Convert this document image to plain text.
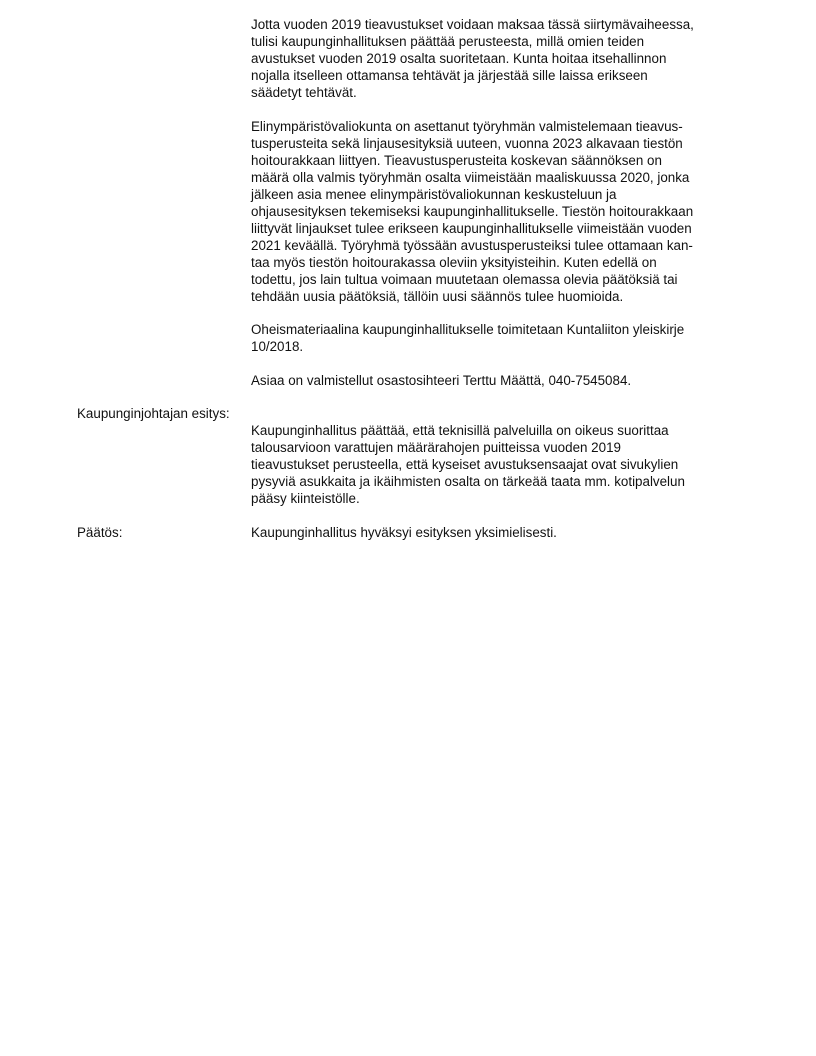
Jotta vuoden 2019 tieavustukset voidaan maksaa tässä siirtymävaiheessa,
tulisi kaupunginhallituksen päättää perusteesta, millä omien teiden
avustukset vuoden 2019 osalta suoritetaan. Kunta hoitaa itsehallinnon
nojalla itselleen ottamansa tehtävät ja järjestää sille laissa erikseen
säädetyt tehtävät.
Elinympäristövaliokunta on asettanut työryhmän valmistelemaan tieavus-
tusperusteita sekä linjausesityksiä uuteen, vuonna 2023 alkavaan tiestön
hoitourakkaan liittyen. Tieavustusperusteita koskevan säännöksen on
määrä olla valmis työryhmän osalta viimeistään maaliskuussa 2020, jonka
jälkeen asia menee elinympäristövaliokunnan keskusteluun ja
ohjausesityksen tekemiseksi kaupunginhallitukselle. Tiestön hoitourakkaan
liittyvät linjaukset tulee erikseen kaupunginhallitukselle viimeistään vuoden
2021 keväällä. Työryhmä työssään avustusperusteiksi tulee ottamaan kan-
taa myös tiestön hoitourakassa oleviin yksityisteihin. Kuten edellä on
todettu, jos lain tultua voimaan muutetaan olemassa olevia päätöksiä tai
tehdään uusia päätöksiä, tällöin uusi säännös tulee huomioida.
Oheismateriaalina kaupunginhallitukselle toimitetaan Kuntaliiton yleiskirje
10/2018.
Asiaa on valmistellut osastosihteeri Terttu Määttä, 040-7545084.
Kaupunginjohtajan esitys:
Kaupunginhallitus päättää, että teknisillä palveluilla on oikeus suorittaa
talousarvioon varattujen määrärahojen puitteissa vuoden 2019
tieavustukset perusteella, että kyseiset avustuksensaajat ovat sivukylien
pysyviä asukkaita ja ikäihmisten osalta on tärkeää taata mm. kotipalvelun
pääsy kiinteistölle.
Päätös:	Kaupunginhallitus hyväksyi esityksen yksimielisesti.
